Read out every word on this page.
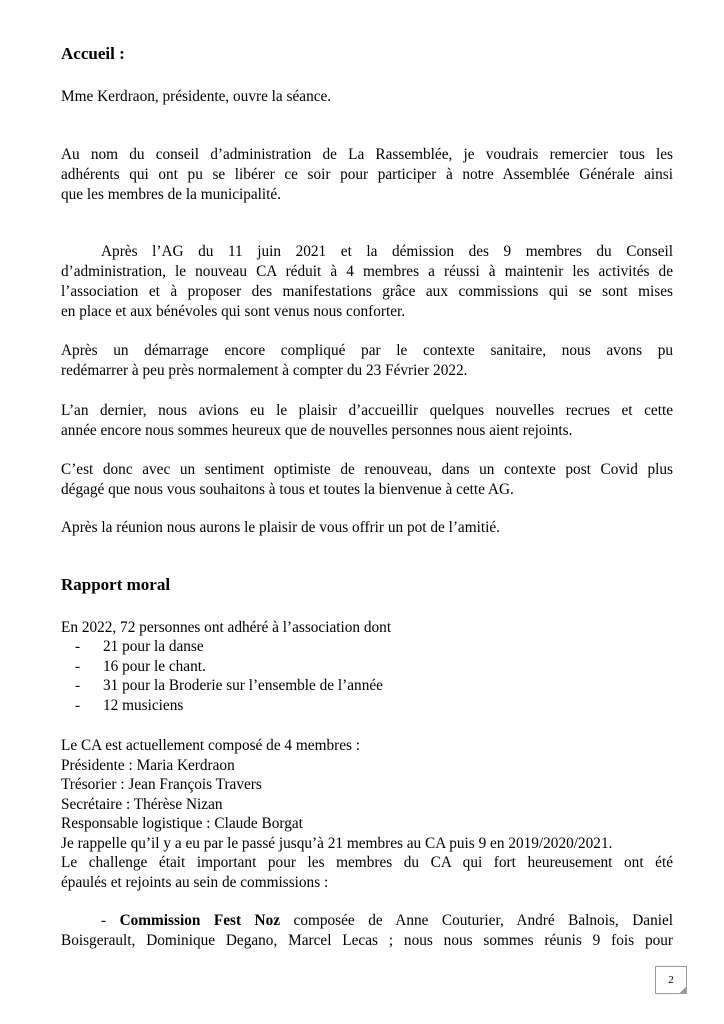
Accueil :

Mme Kerdraon, présidente, ouvre la séance.

Au nom du conseil d’administration de La Rassemblée, je voudrais remercier tous les
adhérents qui ont pu se libérer ce soir pour participer à notre Assemblée Générale ainsi
que les membres de la municipalité.

Après l’AG du 11 juin 2021 et la démission des 9 membres du Conseil
d’administration, le nouveau CA réduit à 4 membres a réussi à maintenir les activités de
l’association et à proposer des manifestations grâce aux commissions qui se sont mises
en place et aux bénévoles qui sont venus nous conforter.

Après un démarrage encore compliqué par le contexte sanitaire, nous avons pu
redémarrer à peu près normalement à compter du 23 Février 2022.

L’an dernier, nous avions eu le plaisir d’accueillir quelques nouvelles recrues et cette
année encore nous sommes heureux que de nouvelles personnes nous aient rejoints.

C’est donc avec un sentiment optimiste de renouveau, dans un contexte post Covid plus
dégagé que nous vous souhaitons à tous et toutes la bienvenue à cette AG.

Après la réunion nous aurons le plaisir de vous offrir un pot de l’amitié.

Rapport moral

En 2022, 72 personnes ont adhéré à l’association dont

- 21 pour la danse
- 16 pour le chant.
- 31 pour la Broderie sur l’ensemble de l’année
- 12 musiciens

Le CA est actuellement composé de 4 membres :
Présidente : Maria Kerdraon
Trésorier : Jean François Travers
Secrétaire : Thérèse Nizan
Responsable logistique : Claude Borgat
Je rappelle qu’il y a eu par le passé jusqu’à 21 membres au CA puis 9 en 2019/2020/2021.

Le challenge était important pour les membres du CA qui fort heureusement ont été
épaulés et rejoints au sein de commissions :

- Commission Fest Noz composée de Anne Couturier, André Balnois, Daniel
Boisgerault, Dominique Degano, Marcel Lecas ; nous nous sommes réunis 9 fois pour

2
